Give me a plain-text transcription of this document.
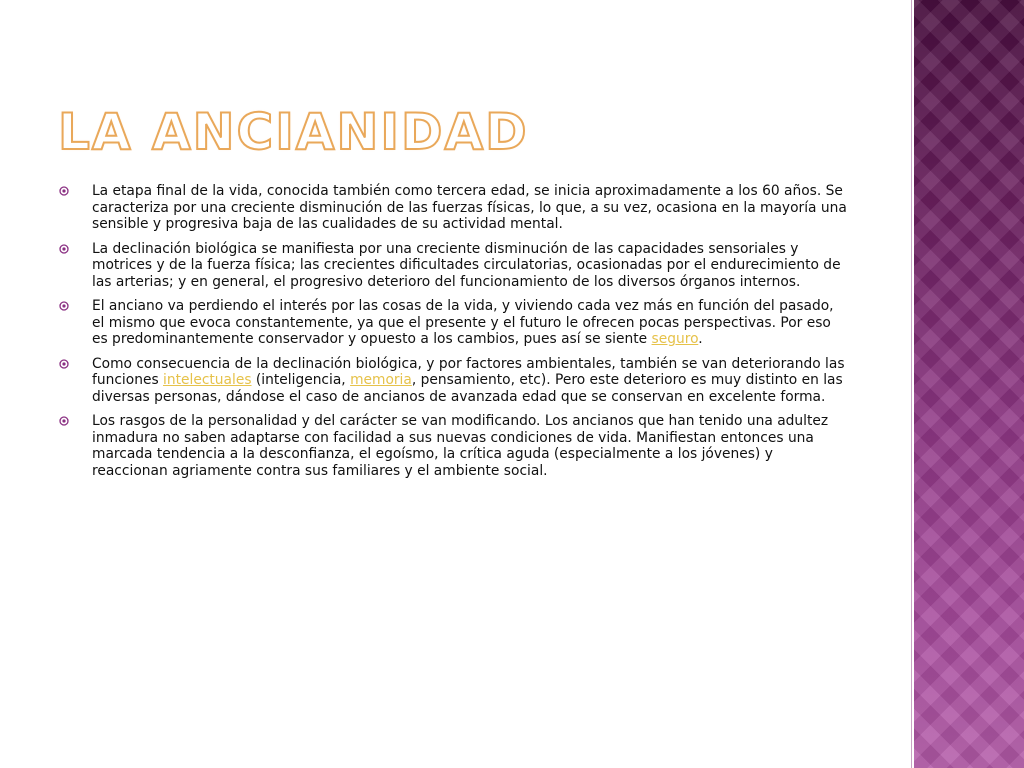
LA ANCIANIDAD
La etapa final de la vida, conocida también como tercera edad, se inicia aproximadamente a los 60 años. Se caracteriza por una creciente disminución de las fuerzas físicas, lo que, a su vez, ocasiona en la mayoría una sensible y progresiva baja de las cualidades de su actividad mental.
La declinación biológica se manifiesta por una creciente disminución de las capacidades sensoriales y motrices y de la fuerza física; las crecientes dificultades circulatorias, ocasionadas por el endurecimiento de las arterias; y en general, el progresivo deterioro del funcionamiento de los diversos órganos internos.
El anciano va perdiendo el interés por las cosas de la vida, y viviendo cada vez más en función del pasado, el mismo que evoca constantemente, ya que el presente y el futuro le ofrecen pocas perspectivas. Por eso es predominantemente conservador y opuesto a los cambios, pues así se siente seguro.
Como consecuencia de la declinación biológica, y por factores ambientales, también se van deteriorando las funciones intelectuales (inteligencia, memoria, pensamiento, etc). Pero este deterioro es muy distinto en las diversas personas, dándose el caso de ancianos de avanzada edad que se conservan en excelente forma.
Los rasgos de la personalidad y del carácter se van modificando. Los ancianos que han tenido una adultez inmadura no saben adaptarse con facilidad a sus nuevas condiciones de vida. Manifiestan entonces una marcada tendencia a la desconfianza, el egoísmo, la crítica aguda (especialmente a los jóvenes) y reaccionan agriamente contra sus familiares y el ambiente social.
